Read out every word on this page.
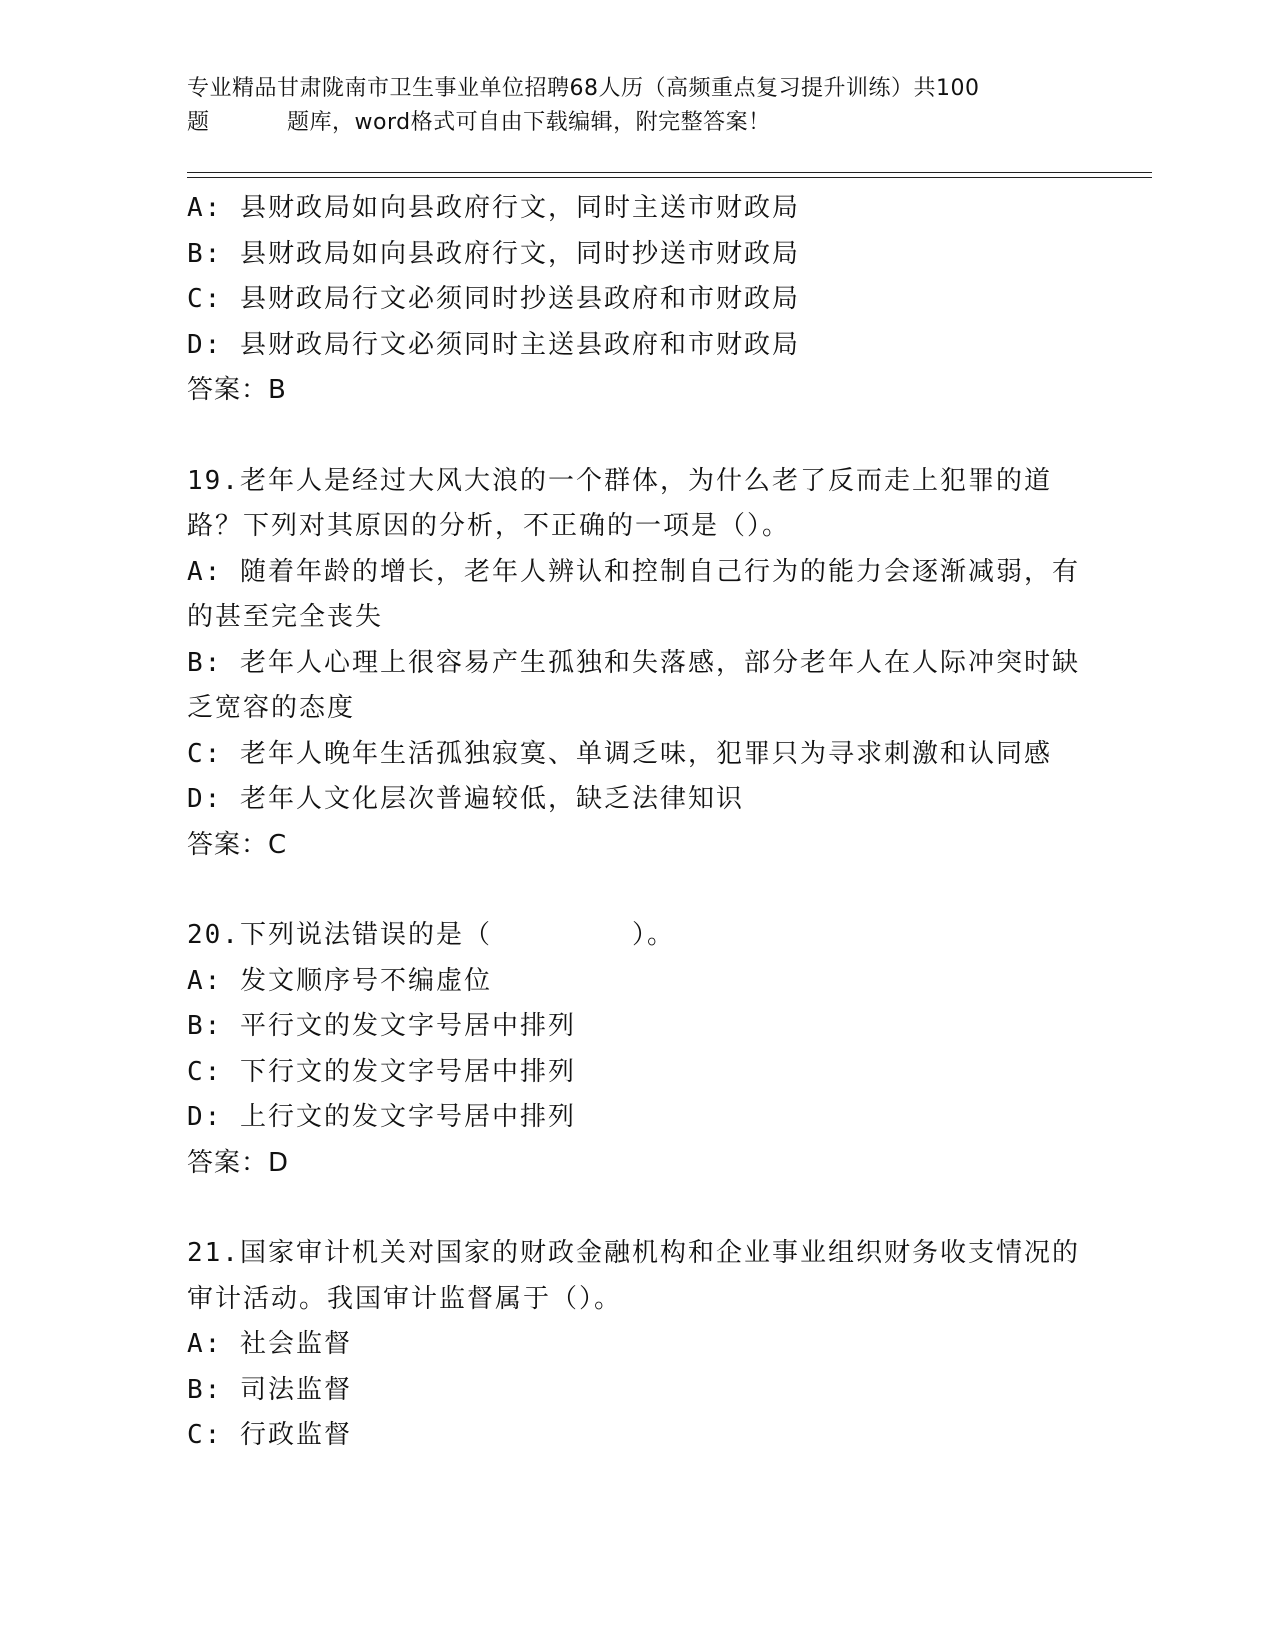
专业精品甘肃陇南市卫生事业单位招聘68人历（高频重点复习提升训练）共100
题	题库，word格式可自由下载编辑，附完整答案！

A: 县财政局如向县政府行文，同时主送市财政局

B: 县财政局如向县政府行文，同时抄送市财政局

C: 县财政局行文必须同时抄送县政府和市财政局

D: 县财政局行文必须同时主送县政府和市财政局

答案：B

19.老年人是经过大风大浪的一个群体，为什么老了反而走上犯罪的道路？下列对其原因的分析，不正确的一项是（）。

A: 随着年龄的增长，老年人辨认和控制自己行为的能力会逐渐减弱，有的甚至完全丧失

B: 老年人心理上很容易产生孤独和失落感，部分老年人在人际冲突时缺乏宽容的态度

C: 老年人晚年生活孤独寂寞、单调乏味，犯罪只为寻求刺激和认同感

D: 老年人文化层次普遍较低，缺乏法律知识

答案：C

20.下列说法错误的是（　　　　　）。

A: 发文顺序号不编虚位

B: 平行文的发文字号居中排列

C: 下行文的发文字号居中排列

D: 上行文的发文字号居中排列

答案：D

21.国家审计机关对国家的财政金融机构和企业事业组织财务收支情况的审计活动。我国审计监督属于（）。

A: 社会监督

B: 司法监督

C: 行政监督
